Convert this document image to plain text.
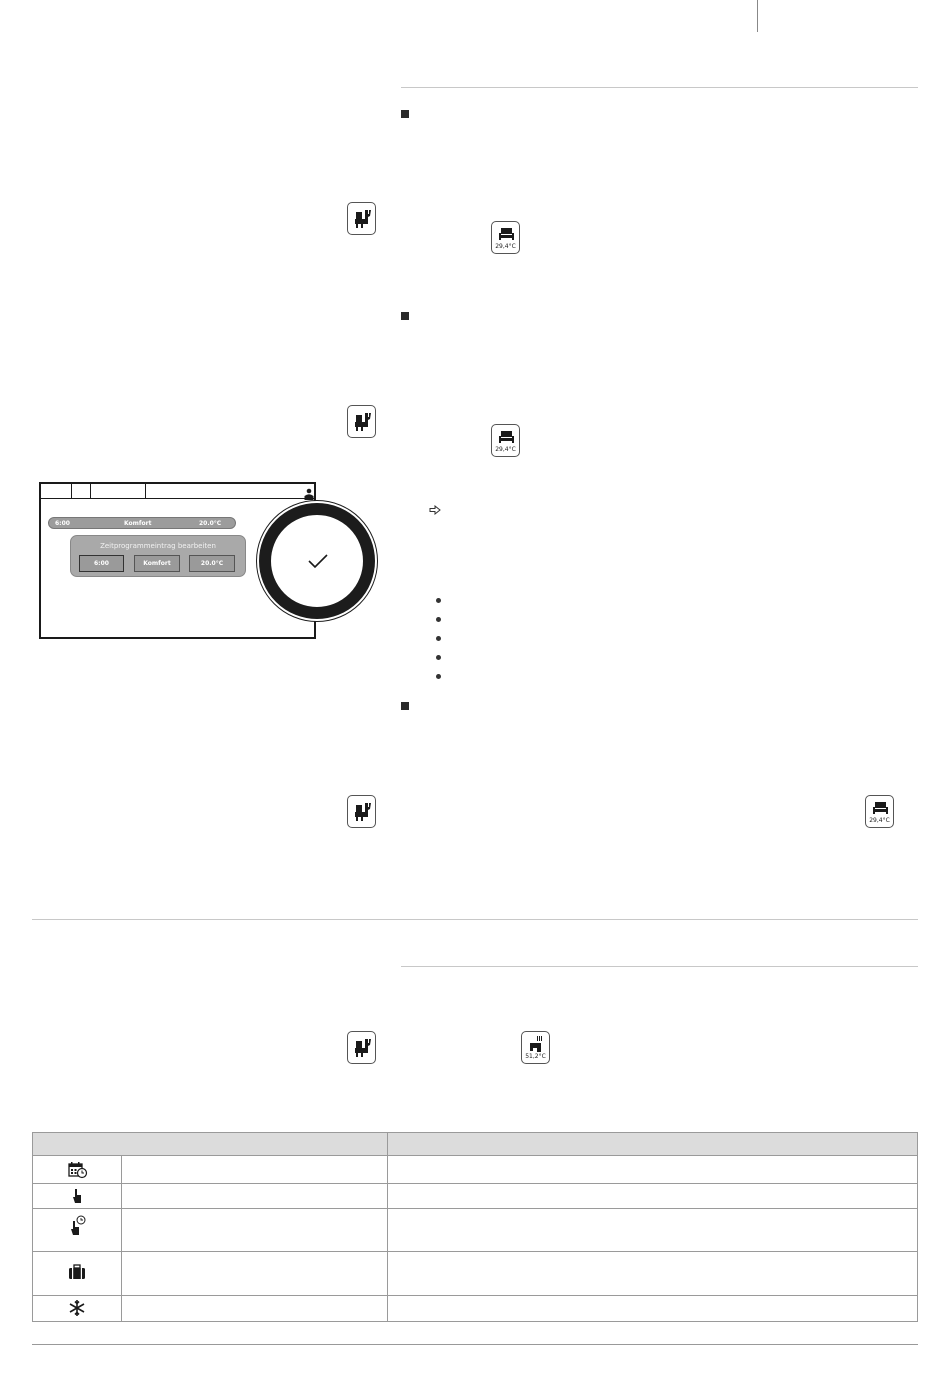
29,4°C
29,4°C
29,4°C
51,2°C
6:00	Komfort	20.0°C
Zeitprogrammeintrag bearbeiten
6:00	Komfort	20.0°C
